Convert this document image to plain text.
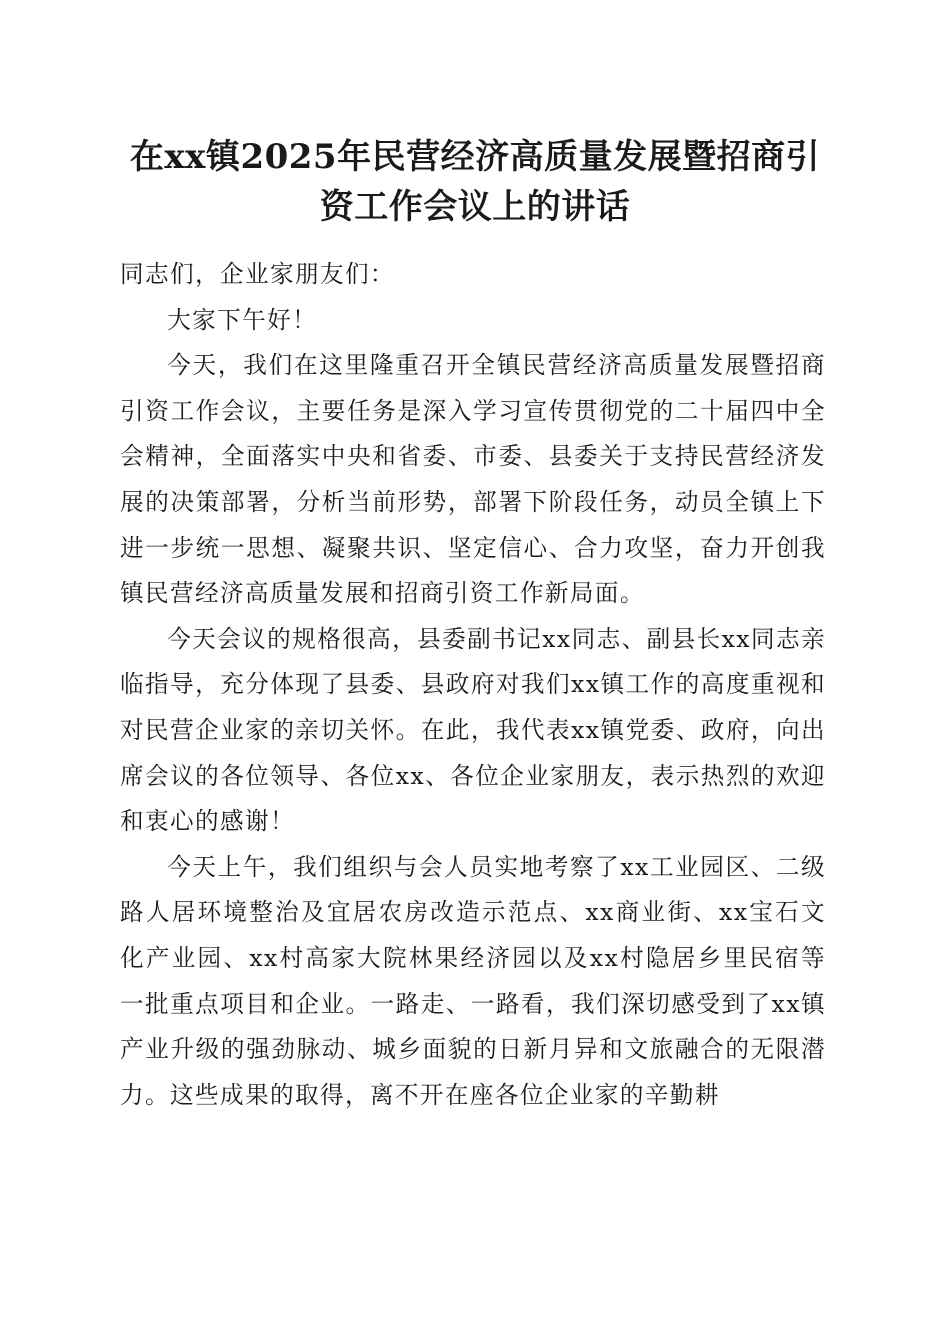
在xx镇2025年民营经济高质量发展暨招商引
资工作会议上的讲话

同志们，企业家朋友们：

大家下午好！

今天，我们在这里隆重召开全镇民营经济高质量发展暨招商引资工作会议，主要任务是深入学习宣传贯彻党的二十届四中全会精神，全面落实中央和省委、市委、县委关于支持民营经济发展的决策部署，分析当前形势，部署下阶段任务，动员全镇上下进一步统一思想、凝聚共识、坚定信心、合力攻坚，奋力开创我镇民营经济高质量发展和招商引资工作新局面。

今天会议的规格很高，县委副书记xx同志、副县长xx同志亲临指导，充分体现了县委、县政府对我们xx镇工作的高度重视和对民营企业家的亲切关怀。在此，我代表xx镇党委、政府，向出席会议的各位领导、各位xx、各位企业家朋友，表示热烈的欢迎和衷心的感谢！

今天上午，我们组织与会人员实地考察了xx工业园区、二级路人居环境整治及宜居农房改造示范点、xx商业街、xx宝石文化产业园、xx村高家大院林果经济园以及xx村隐居乡里民宿等一批重点项目和企业。一路走、一路看，我们深切感受到了xx镇产业升级的强劲脉动、城乡面貌的日新月异和文旅融合的无限潜力。这些成果的取得，离不开在座各位企业家的辛勤耕
